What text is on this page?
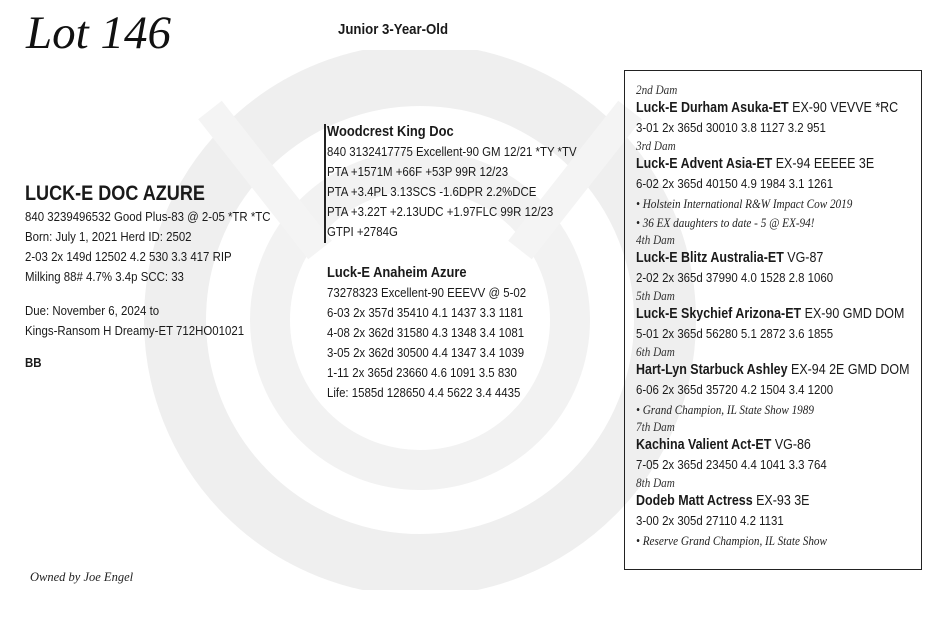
Lot 146	Junior 3-Year-Old
LUCK-E DOC AZURE
840 3239496532 Good Plus-83 @ 2-05 *TR *TC
Born: July 1, 2021 Herd ID: 2502
2-03 2x 149d 12502 4.2 530 3.3 417 RIP
Milking 88# 4.7% 3.4p SCC: 33
Due: November 6, 2024 to
Kings-Ransom H Dreamy-ET 712HO01021
BB
Woodcrest King Doc
840 3132417775 Excellent-90 GM 12/21 *TY *TV
PTA +1571M +66F +53P 99R 12/23
PTA +3.4PL 3.13SCS -1.6DPR 2.2%DCE
PTA +3.22T +2.13UDC +1.97FLC 99R 12/23
GTPI +2784G
Luck-E Anaheim Azure
73278323 Excellent-90 EEEVV @ 5-02
6-03 2x 357d 35410 4.1 1437 3.3 1181
4-08 2x 362d 31580 4.3 1348 3.4 1081
3-05 2x 362d 30500 4.4 1347 3.4 1039
1-11 2x 365d 23660 4.6 1091 3.5 830
Life: 1585d 128650 4.4 5622 3.4 4435
2nd Dam
Luck-E Durham Asuka-ET EX-90 VEVVE *RC
3-01 2x 365d 30010 3.8 1127 3.2 951
3rd Dam
Luck-E Advent Asia-ET EX-94 EEEEE 3E
6-02 2x 365d 40150 4.9 1984 3.1 1261
• Holstein International R&W Impact Cow 2019
• 36 EX daughters to date - 5 @ EX-94!
4th Dam
Luck-E Blitz Australia-ET VG-87
2-02 2x 365d 37990 4.0 1528 2.8 1060
5th Dam
Luck-E Skychief Arizona-ET EX-90 GMD DOM
5-01 2x 365d 56280 5.1 2872 3.6 1855
6th Dam
Hart-Lyn Starbuck Ashley EX-94 2E GMD DOM
6-06 2x 365d 35720 4.2 1504 3.4 1200
• Grand Champion, IL State Show 1989
7th Dam
Kachina Valient Act-ET VG-86
7-05 2x 365d 23450 4.4 1041 3.3 764
8th Dam
Dodeb Matt Actress EX-93 3E
3-00 2x 305d 27110 4.2 1131
• Reserve Grand Champion, IL State Show
Owned by Joe Engel
